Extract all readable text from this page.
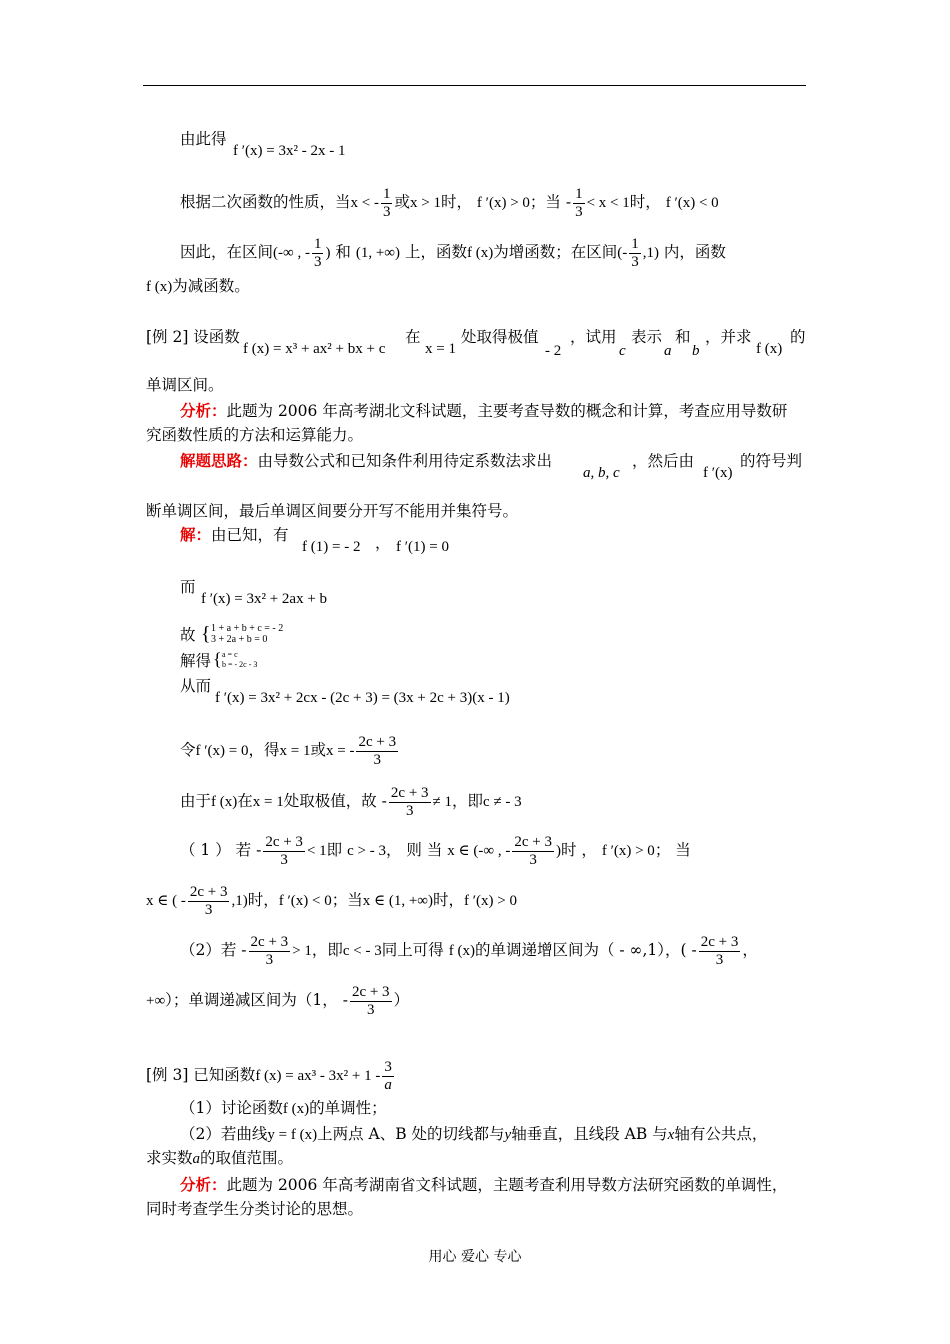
由此得
f ′(x) = 3x² - 2x - 1
根据二次函数的性质，当x < - $\frac{1}{3}$ 或x > 1时， f ′(x) > 0；当 - $\frac{1}{3} < x < 1$时， f ′(x) < 0
因此，在区间(-∞ , - $\frac{1}{3}$ ) 和 (1, +∞) 上，函数f (x)为增函数；在区间(- $\frac{1}{3} ,1$) 内，函数
f (x)为减函数。
[例 2] 设函数
f (x) = x³ + ax² + bx + c
在
x = 1
处取得极值
- 2
，试用
c
表示
a
和
b
，并求
f (x)
的
单调区间。
分析：此题为 2006 年高考湖北文科试题，主要考查导数的概念和计算，考查应用导数研
究函数性质的方法和运算能力。
解题思路：由导数公式和已知条件利用待定系数法求出
a, b, c
，然后由
f ′(x)
的符号判
断单调区间，最后单调区间要分开写不能用并集符号。
解：由已知，有
f (1) = - 2 ， f ′(1) = 0
而
f ′(x) = 3x² + 2ax + b
故 { 1 + a + b + c = - 2
3 + 2a + b = 0
解得 { a = c
b = - 2c - 3
从而
f ′(x) = 3x² + 2cx - (2c + 3) = (3x + 2c + 3)(x - 1)
令f ′(x) = 0，得x = 1或x = - $\frac{2c + 3}{3}$
由于f (x)在x = 1处取极值，故 - $\frac{2c + 3}{3} \ne 1$，即c ≠ - 3
（ 1 ） 若 - $\frac{2c + 3}{3} < 1$即 c > - 3， 则 当 x ∈ (-∞ , - $\frac{2c + 3}{3}$ )时 ， f ′(x) > 0； 当
x ∈ ( - $\frac{2c + 3}{3} ,1$)时，f ′(x) < 0；当x ∈ (1, +∞)时，f ′(x) > 0
（2）若 - $\frac{2c + 3}{3} > 1$，即c < - 3同上可得 f (x)的单调递增区间为（ - ∞,1），( - $\frac{2c + 3}{3}$ ，
+∞）；单调递减区间为（1， - $\frac{2c + 3}{3}$ ）
[例 3] 已知函数f $(x) = ax^3 - 3x^2 + 1 - \frac{3}{a}$
（1）讨论函数f (x)的单调性；
（2）若曲线y = f (x)上两点 A、B 处的切线都与y轴垂直，且线段 AB 与x轴有公共点，
求实数a的取值范围。
分析：此题为 2006 年高考湖南省文科试题，主题考查利用导数方法研究函数的单调性，
同时考查学生分类讨论的思想。
用心 爱心 专心
